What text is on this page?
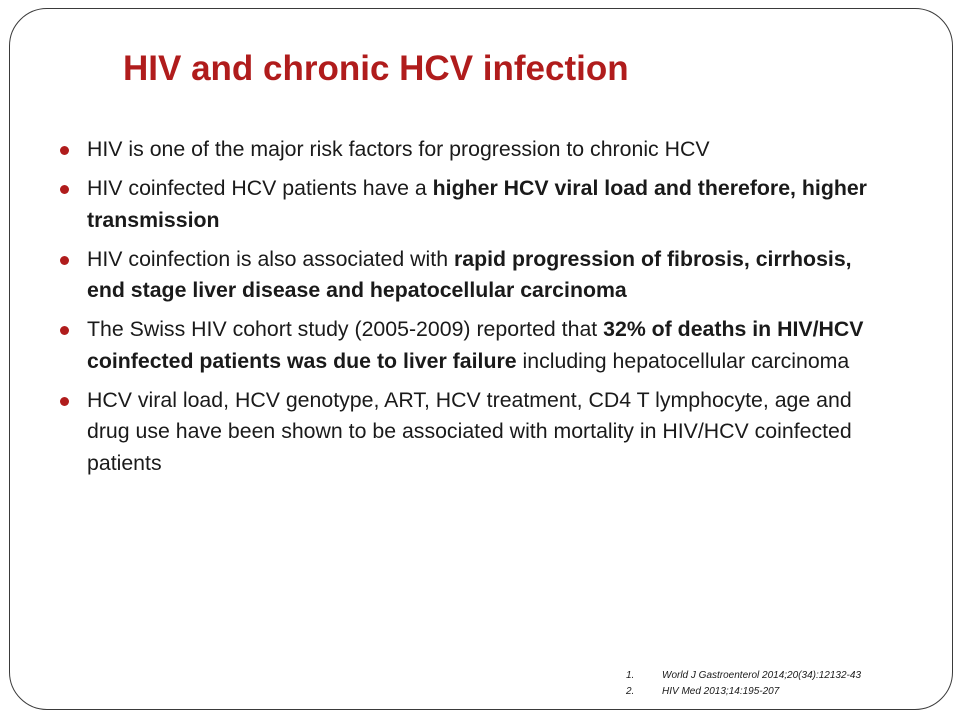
HIV and chronic HCV infection
HIV is one of the major risk factors for progression to chronic HCV
HIV coinfected HCV patients have a higher HCV viral load and therefore, higher transmission
HIV coinfection is also associated with rapid progression of fibrosis, cirrhosis, end stage liver disease and hepatocellular carcinoma
The Swiss HIV cohort study (2005-2009) reported that 32% of deaths in HIV/HCV coinfected patients was due to liver failure including hepatocellular carcinoma
HCV viral load, HCV genotype, ART, HCV treatment, CD4 T lymphocyte, age and drug use have been shown to be associated with mortality in HIV/HCV coinfected patients
1.	World J Gastroenterol 2014;20(34):12132-43
2.	HIV Med 2013;14:195-207
